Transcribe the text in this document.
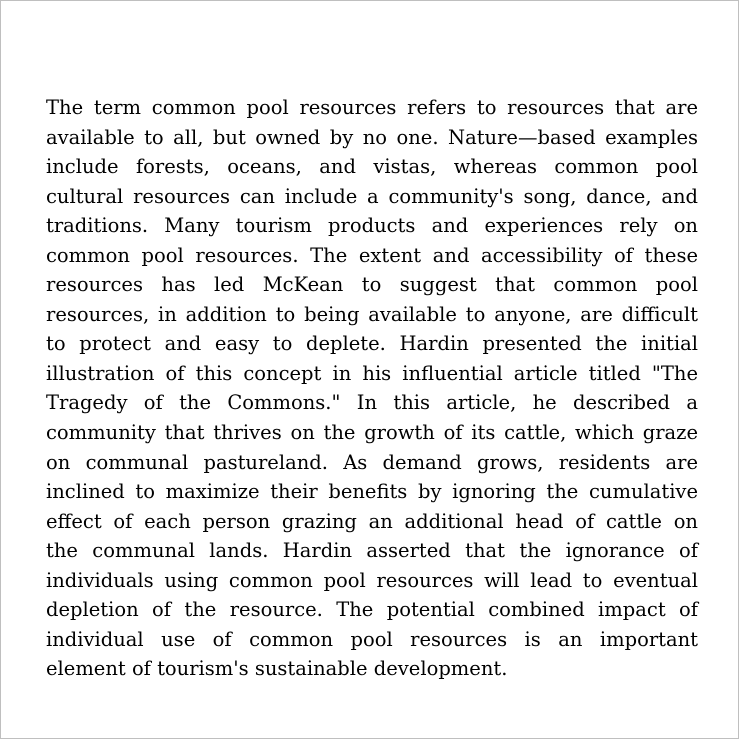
The term common pool resources refers to resources that are
available to all, but owned by no one. Nature—based examples
include forests, oceans, and vistas, whereas common pool
cultural resources can include a community's song, dance, and
traditions. Many tourism products and experiences rely on
common pool resources. The extent and accessibility of these
resources has led McKean to suggest that common pool
resources, in addition to being available to anyone, are difficult
to protect and easy to deplete. Hardin presented the initial
illustration of this concept in his influential article titled "The
Tragedy of the Commons." In this article, he described a
community that thrives on the growth of its cattle, which graze
on communal pastureland. As demand grows, residents are
inclined to maximize their benefits by ignoring the cumulative
effect of each person grazing an additional head of cattle on
the communal lands. Hardin asserted that the ignorance of
individuals using common pool resources will lead to eventual
depletion of the resource. The potential combined impact of
individual use of common pool resources is an important
element of tourism's sustainable development.
